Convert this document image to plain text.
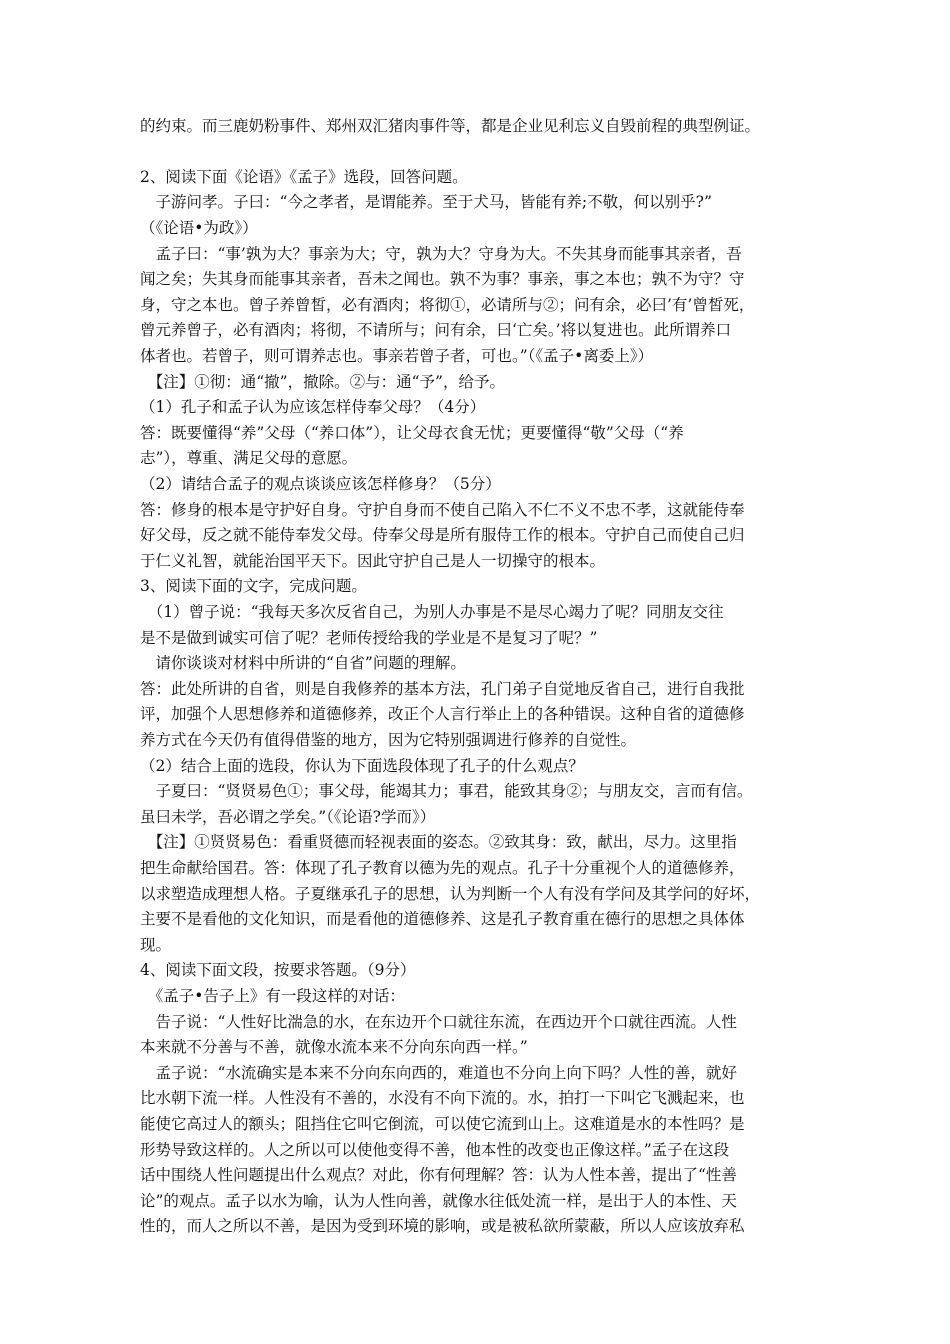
的约束。而三鹿奶粉事件、郑州双汇猪肉事件等，都是企业见利忘义自毁前程的典型例证。
2、阅读下面《论语》《孟子》选段，回答问题。
　子游问孝。子曰：“今之孝者，是谓能养。至于犬马，皆能有养;不敬，何以别乎?”
（《论语•为政》）
　孟子曰：“事’孰为大？事亲为大；守，孰为大？守身为大。不失其身而能事其亲者，吾
闻之矣；失其身而能事其亲者，吾未之闻也。孰不为事？事亲，事之本也；孰不为守？守
身，守之本也。曾子养曾皙，必有酒肉；将彻①，必请所与②；问有余，必曰’有’曾皙死，
曾元养曾子，必有酒肉；将彻，不请所与；问有余，曰‘亡矣。’将以复进也。此所谓养口
体者也。若曾子，则可谓养志也。事亲若曾子者，可也。”（《孟子•离委上》）
　【注】①彻：通“撤”，撤除。②与：通“予”，给予。
（1）孔子和孟子认为应该怎样侍奉父母？（4分）
答：既要懂得“养”父母（“养口体”），让父母衣食无忧；更要懂得“敬”父母（“养
志”），尊重、满足父母的意愿。
（2）请结合孟子的观点谈谈应该怎样修身？（5分）
答：修身的根本是守护好自身。守护自身而不使自己陷入不仁不义不忠不孝，这就能侍奉
好父母，反之就不能侍奉发父母。侍奉父母是所有服侍工作的根本。守护自己而使自己归
于仁义礼智，就能治国平天下。因此守护自己是人一切操守的根本。
3、阅读下面的文字，完成问题。
　（1）曾子说：“我每天多次反省自己，为别人办事是不是尽心竭力了呢？同朋友交往
是不是做到诚实可信了呢？老师传授给我的学业是不是复习了呢？”
　请你谈谈对材料中所讲的“自省”问题的理解。
答：此处所讲的自省，则是自我修养的基本方法，孔门弟子自觉地反省自己，进行自我批
评，加强个人思想修养和道德修养，改正个人言行举止上的各种错误。这种自省的道德修
养方式在今天仍有值得借鉴的地方，因为它特别强调进行修养的自觉性。
（2）结合上面的选段，你认为下面选段体现了孔子的什么观点？
　子夏曰：“贤贤易色①；事父母，能竭其力；事君，能致其身②；与朋友交，言而有信。
虽曰未学，吾必谓之学矣。”（《论语?学而》）
　【注】①贤贤易色：看重贤德而轻视表面的姿态。②致其身：致，献出，尽力。这里指
把生命献给国君。答：体现了孔子教育以德为先的观点。孔子十分重视个人的道德修养，
以求塑造成理想人格。子夏继承孔子的思想，认为判断一个人有没有学问及其学问的好坏，
主要不是看他的文化知识，而是看他的道德修养、这是孔子教育重在德行的思想之具体体
现。
4、阅读下面文段，按要求答题。（9分）
　《孟子•告子上》有一段这样的对话：
　告子说：“人性好比湍急的水，在东边开个口就往东流，在西边开个口就往西流。人性
本来就不分善与不善，就像水流本来不分向东向西一样。”
　孟子说：“水流确实是本来不分向东向西的，难道也不分向上向下吗？人性的善，就好
比水朝下流一样。人性没有不善的，水没有不向下流的。水，拍打一下叫它飞溅起来，也
能使它高过人的额头；阻挡住它叫它倒流，可以使它流到山上。这难道是水的本性吗？是
形势导致这样的。人之所以可以使他变得不善，他本性的改变也正像这样。”孟子在这段
话中围绕人性问题提出什么观点？对此，你有何理解？答：认为人性本善，提出了“性善
论”的观点。孟子以水为喻，认为人性向善，就像水往低处流一样，是出于人的本性、天
性的，而人之所以不善，是因为受到环境的影响，或是被私欲所蒙蔽，所以人应该放弃私
